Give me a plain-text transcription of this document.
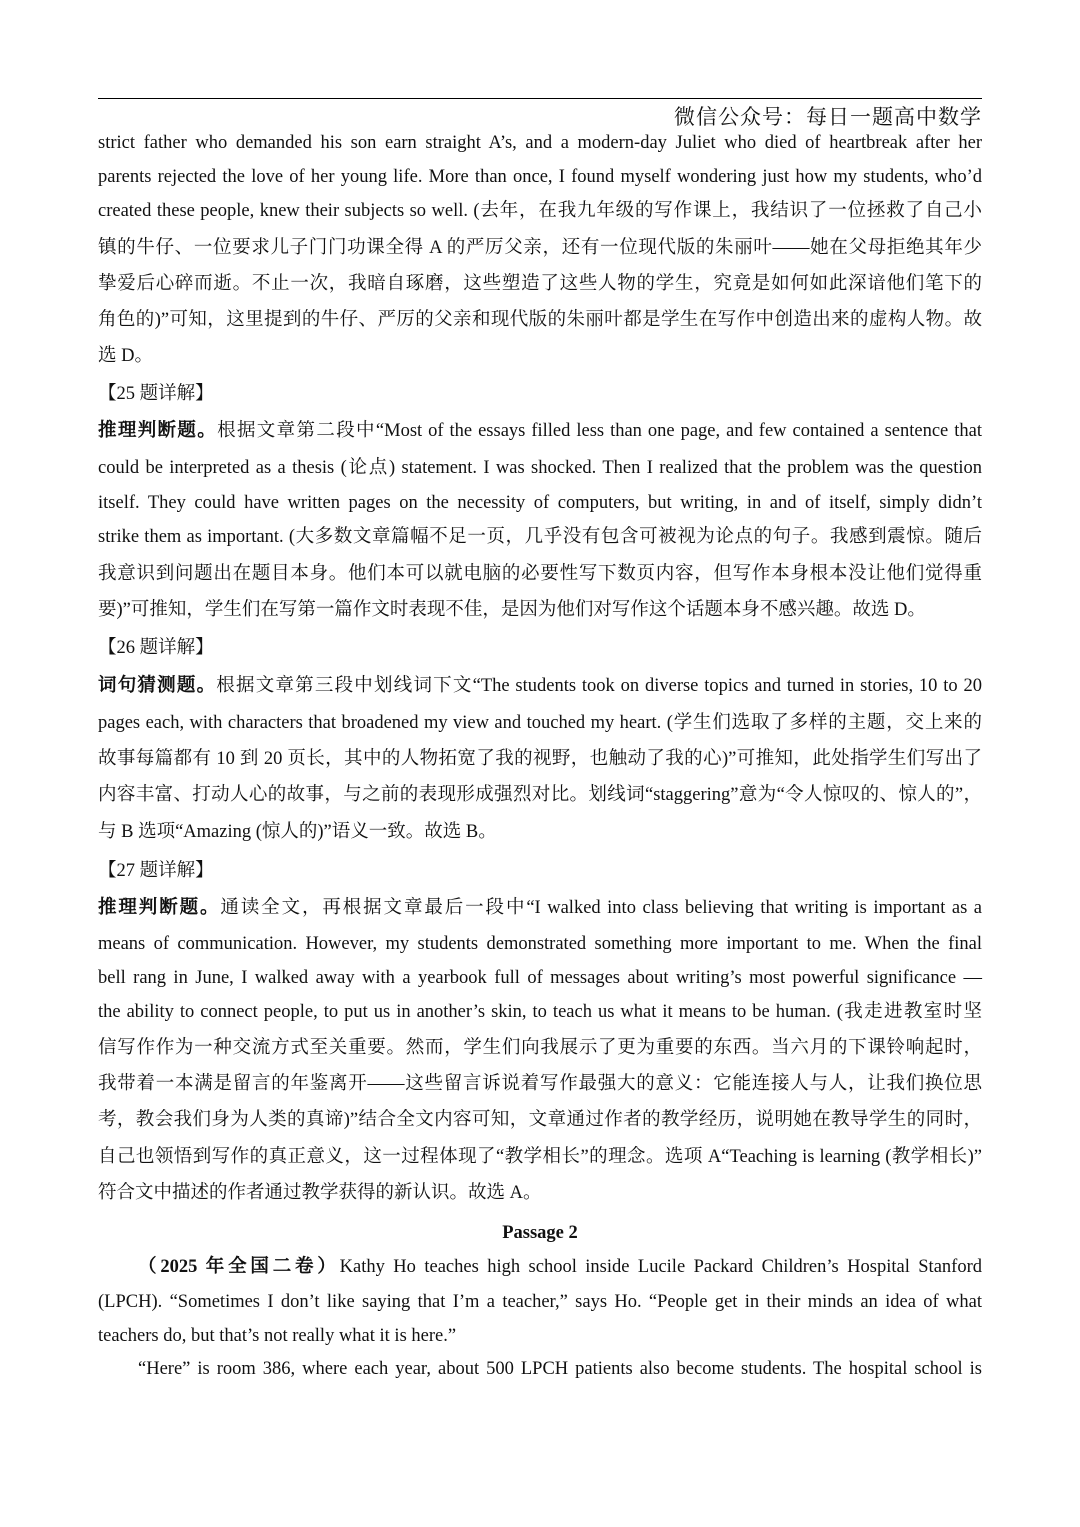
微信公众号：每日一题高中数学
strict father who demanded his son earn straight A’s, and a modern-day Juliet who died of heartbreak after her
parents rejected the love of her young life. More than once, I found myself wondering just how my students, who’d
created these people, knew their subjects so well. (去年，在我九年级的写作课上，我结识了一位拯救了自己小
镇的牛仔、一位要求儿子门门功课全得 A 的严厉父亲，还有一位现代版的朱丽叶——她在父母拒绝其年少
挚爱后心碎而逝。不止一次，我暗自琢磨，这些塑造了这些人物的学生，究竟是如何如此深谙他们笔下的
角色的)”可知，这里提到的牛仔、严厉的父亲和现代版的朱丽叶都是学生在写作中创造出来的虚构人物。故
选 D。
【25 题详解】
推理判断题。根据文章第二段中“Most of the essays filled less than one page, and few contained a sentence that
could be interpreted as a thesis (论点) statement. I was shocked. Then I realized that the problem was the question
itself. They could have written pages on the necessity of computers, but writing, in and of itself, simply didn’t
strike them as important. (大多数文章篇幅不足一页，几乎没有包含可被视为论点的句子。我感到震惊。随后
我意识到问题出在题目本身。他们本可以就电脑的必要性写下数页内容，但写作本身根本没让他们觉得重
要)”可推知，学生们在写第一篇作文时表现不佳，是因为他们对写作这个话题本身不感兴趣。故选 D。
【26 题详解】
词句猜测题。根据文章第三段中划线词下文“The students took on diverse topics and turned in stories, 10 to 20
pages each, with characters that broadened my view and touched my heart. (学生们选取了多样的主题，交上来的
故事每篇都有 10 到 20 页长，其中的人物拓宽了我的视野，也触动了我的心)”可推知，此处指学生们写出了
内容丰富、打动人心的故事，与之前的表现形成强烈对比。划线词“staggering”意为“令人惊叹的、惊人的”，
与 B 选项“Amazing (惊人的)”语义一致。故选 B。
【27 题详解】
推理判断题。通读全文，再根据文章最后一段中“I walked into class believing that writing is important as a
means of communication. However, my students demonstrated something more important to me. When the final
bell rang in June, I walked away with a yearbook full of messages about writing’s most powerful significance —
the ability to connect people, to put us in another’s skin, to teach us what it means to be human. (我走进教室时坚
信写作作为一种交流方式至关重要。然而，学生们向我展示了更为重要的东西。当六月的下课铃响起时，
我带着一本满是留言的年鉴离开——这些留言诉说着写作最强大的意义：它能连接人与人，让我们换位思
考，教会我们身为人类的真谛)”结合全文内容可知，文章通过作者的教学经历，说明她在教导学生的同时，
自己也领悟到写作的真正意义，这一过程体现了“教学相长”的理念。选项 A“Teaching is learning (教学相长)”
符合文中描述的作者通过教学获得的新认识。故选 A。
Passage 2
（2025 年全国二卷）Kathy Ho teaches high school inside Lucile Packard Children’s Hospital Stanford
(LPCH). “Sometimes I don’t like saying that I’m a teacher,” says Ho. “People get in their minds an idea of what
teachers do, but that’s not really what it is here.”
“Here” is room 386, where each year, about 500 LPCH patients also become students. The hospital school is
